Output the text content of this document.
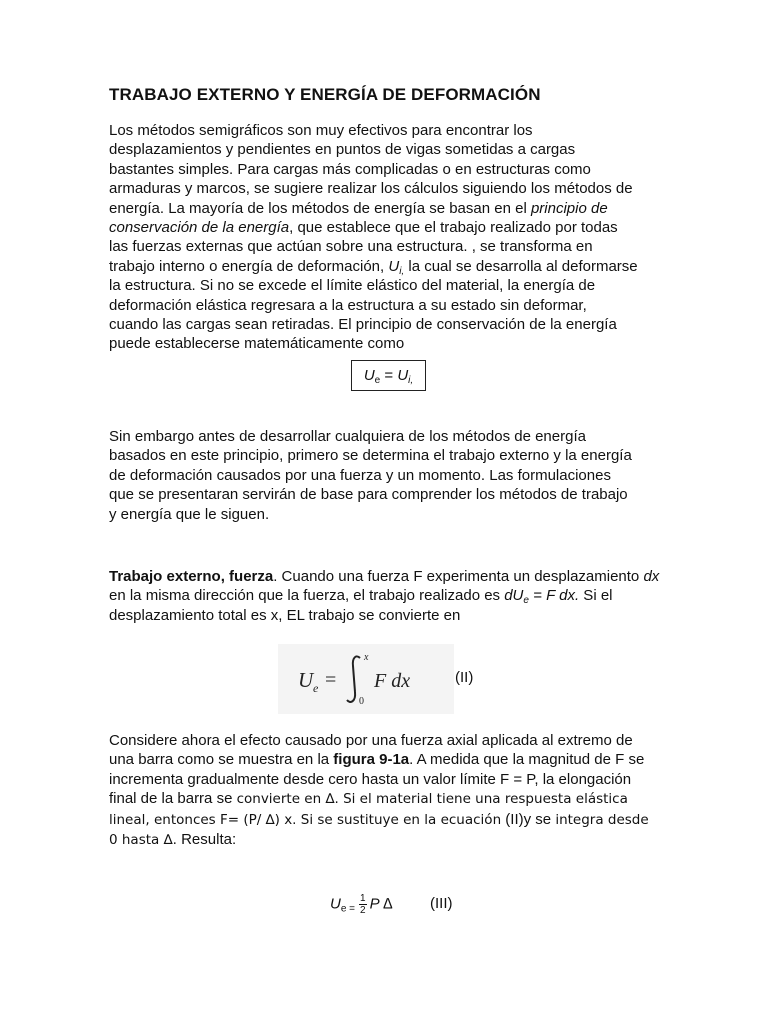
TRABAJO EXTERNO Y ENERGÍA DE DEFORMACIÓN

Los métodos semigráficos son muy efectivos para encontrar los desplazamientos y pendientes en puntos de vigas sometidas a cargas bastantes simples. Para cargas más complicadas o en estructuras como armaduras y marcos, se sugiere realizar los cálculos siguiendo los métodos de energía. La mayoría de los métodos de energía se basan en el principio de conservación de la energía, que establece que el trabajo realizado por todas las fuerzas externas que actúan sobre una estructura. , se transforma en trabajo interno o energía de deformación, $U_{i,}$ la cual se desarrolla al deformarse la estructura. Si no se excede el límite elástico del material, la energía de deformación elástica regresara a la estructura a su estado sin deformar, cuando las cargas sean retiradas. El principio de conservación de la energía puede establecerse matemáticamente como

$U_e = U_{i,}$

Sin embargo antes de desarrollar cualquiera de los métodos de energía basados en este principio, primero se determina el trabajo externo y la energía de deformación causados por una fuerza y un momento. Las formulaciones que se presentaran servirán de base para comprender los métodos de trabajo y energía que le siguen.

Trabajo externo, fuerza. Cuando una fuerza F experimenta un desplazamiento dx en la misma dirección que la fuerza, el trabajo realizado es $dU_e = F$ dx. Si el desplazamiento total es x, EL trabajo se convierte en

U e =
x
0
F dx	(II)

Considere ahora el efecto causado por una fuerza axial aplicada al extremo de una barra como se muestra en la figura 9-1a. A medida que la magnitud de F se incrementa gradualmente desde cero hasta un valor límite F = P, la elongación final de la barra se convierte en ∆. Si el material tiene una respuesta elástica lineal, entonces F= (P/ ∆) x. Si se sustituye en la ecuación (II)y se integra desde 0 hasta ∆. Resulta:

$U_{e =} \frac{1}{2}$ P ∆	(III)
